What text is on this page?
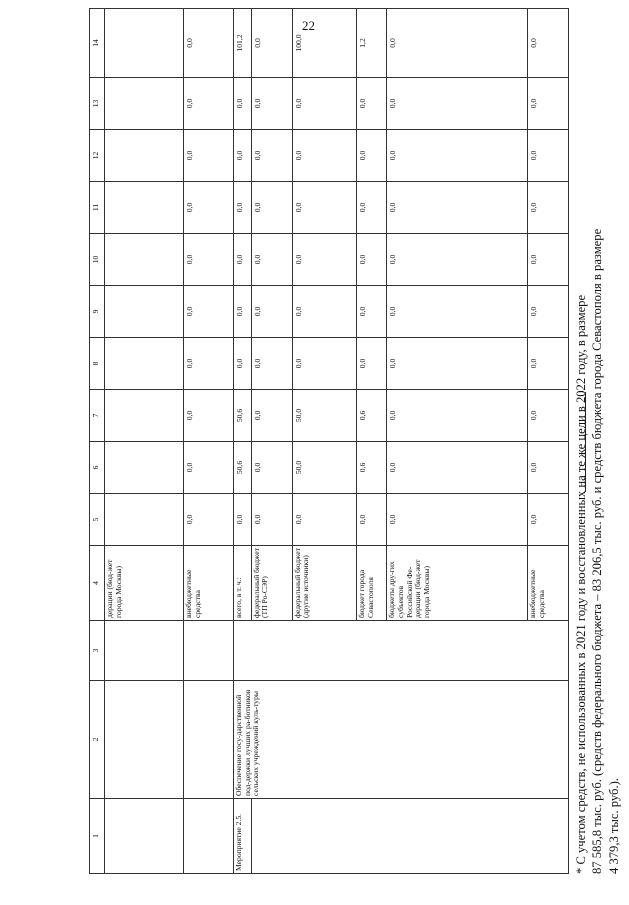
22
1	2	3	4	5	6	7	8	9	10	11	12	13	14
			дерации (бюд-жет города Москвы)										
			внебюджетные средства	0,0	0,0	0,0	0,0	0,0	0,0	0,0	0,0	0,0	0,0
Мероприятие 2.5.	Обеспечение госу-дарственной под-держки лучших ра-ботников сельских учреждений куль-туры		всего, в т. ч.:	0,0	50,6	50,6	0,0	0,0	0,0	0,0	0,0	0,0	101,2
			федеральный бюджет (ТП Ро-СЭР)	0,0	0,0	0,0	0,0	0,0	0,0	0,0	0,0	0,0	0,0
			федеральный бюджет (другие источники)	0,0	50,0	50,0	0,0	0,0	0,0	0,0	0,0	0,0	100,0
			бюджет города Севастополя	0,0	0,6	0,6	0,0	0,0	0,0	0,0	0,0	0,0	1,2
			бюджеты дру-гих субъектов Российской Фе-дерации (бюд-жет города Москвы)	0,0	0,0	0,0	0,0	0,0	0,0	0,0	0,0	0,0	0,0
			внебюджетные средства	0,0	0,0	0,0	0,0	0,0	0,0	0,0	0,0	0,0	0,0

* С учетом средств, не использованных в 2021 году и восстановленных на те же цели в 2022 году, в размере 87 585,8 тыс. руб. (средств федерального бюджета – 83 206,5 тыс. руб. и средств бюджета города Севастополя в размере 4 379,3 тыс. руб.).
